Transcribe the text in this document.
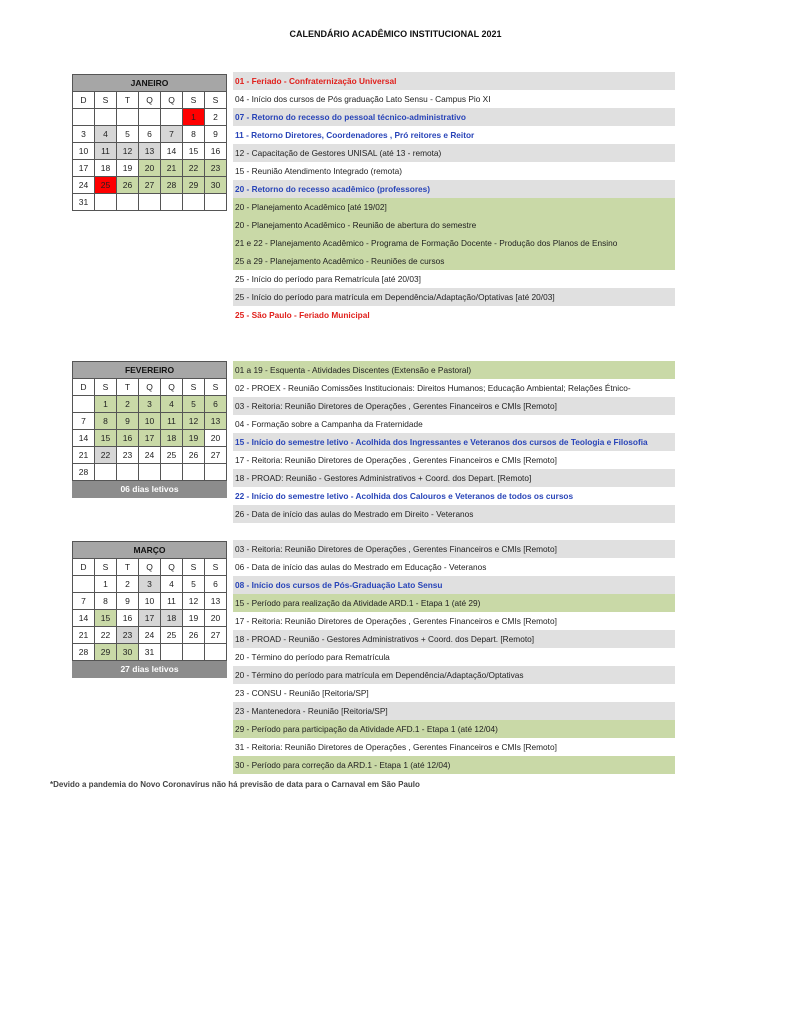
CALENDÁRIO ACADÊMICO INSTITUCIONAL 2021
JANEIRO						
D	S	T	Q	Q	S	S
					1	2
3	4	5	6	7	8	9
10	11	12	13	14	15	16
17	18	19	20	21	22	23
24	25	26	27	28	29	30
31						
01 - Feriado - Confraternização Universal
04 - Início dos cursos de Pós graduação Lato Sensu - Campus Pio XI
07 - Retorno do recesso do pessoal técnico-administrativo
11 - Retorno Diretores, Coordenadores , Pró reitores e Reitor
12 - Capacitação de Gestores UNISAL (até 13 - remota)
15 - Reunião Atendimento Integrado (remota)
20 - Retorno do recesso acadêmico (professores)
20 - Planejamento Acadêmico [até 19/02]
20 - Planejamento Acadêmico - Reunião de abertura do semestre
21 e 22 - Planejamento Acadêmico - Programa de Formação Docente - Produção dos Planos de Ensino
25 a 29 - Planejamento Acadêmico - Reuniões de cursos
25 - Início do período para Rematrícula [até 20/03]
25 - Início do período para matrícula em Dependência/Adaptação/Optativas [até 20/03]
25 - São Paulo - Feriado Municipal
FEVEREIRO						
D	S	T	Q	Q	S	S
	1	2	3	4	5	6
7	8	9	10	11	12	13
14	15	16	17	18	19	20
21	22	23	24	25	26	27
28						
06 dias letivos						
01 a 19 - Esquenta - Atividades Discentes (Extensão e Pastoral)
02 - PROEX - Reunião Comissões Institucionais: Direitos Humanos; Educação Ambiental; Relações Étnico-
03 - Reitoria: Reunião Diretores de Operações , Gerentes Financeiros e CMIs [Remoto]
04 - Formação sobre a Campanha da Fraternidade
15 - Início do semestre letivo - Acolhida dos Ingressantes e Veteranos dos cursos de Teologia e Filosofia
17 - Reitoria: Reunião Diretores de Operações , Gerentes Financeiros e CMIs [Remoto]
18 - PROAD: Reunião - Gestores Administrativos + Coord. dos Depart. [Remoto]
22 - Início do semestre letivo - Acolhida dos Calouros e Veteranos de todos os cursos
26 - Data de início das aulas do Mestrado em Direito - Veteranos
MARÇO						
D	S	T	Q	Q	S	S
	1	2	3	4	5	6
7	8	9	10	11	12	13
14	15	16	17	18	19	20
21	22	23	24	25	26	27
28	29	30	31			
27 dias letivos						
03 - Reitoria: Reunião Diretores de Operações , Gerentes Financeiros e CMIs [Remoto]
06 - Data de início das aulas do Mestrado em Educação - Veteranos
08 - Início dos cursos de Pós-Graduação Lato Sensu
15 - Período para realização da Atividade ARD.1 - Etapa 1 (até 29)
17 - Reitoria: Reunião Diretores de Operações , Gerentes Financeiros e CMIs [Remoto]
18 - PROAD - Reunião - Gestores Administrativos + Coord. dos Depart. [Remoto]
20 - Término do período para Rematrícula
20 - Término do período para matrícula em Dependência/Adaptação/Optativas
23 - CONSU - Reunião [Reitoria/SP]
23 - Mantenedora - Reunião [Reitoria/SP]
29 - Período para participação da Atividade AFD.1 - Etapa 1 (até 12/04)
31 - Reitoria: Reunião Diretores de Operações , Gerentes Financeiros e CMIs [Remoto]
30 - Período para correção da ARD.1 - Etapa 1 (até 12/04)
*Devido a pandemia do Novo Coronavírus não há previsão de data para o Carnaval em São Paulo
